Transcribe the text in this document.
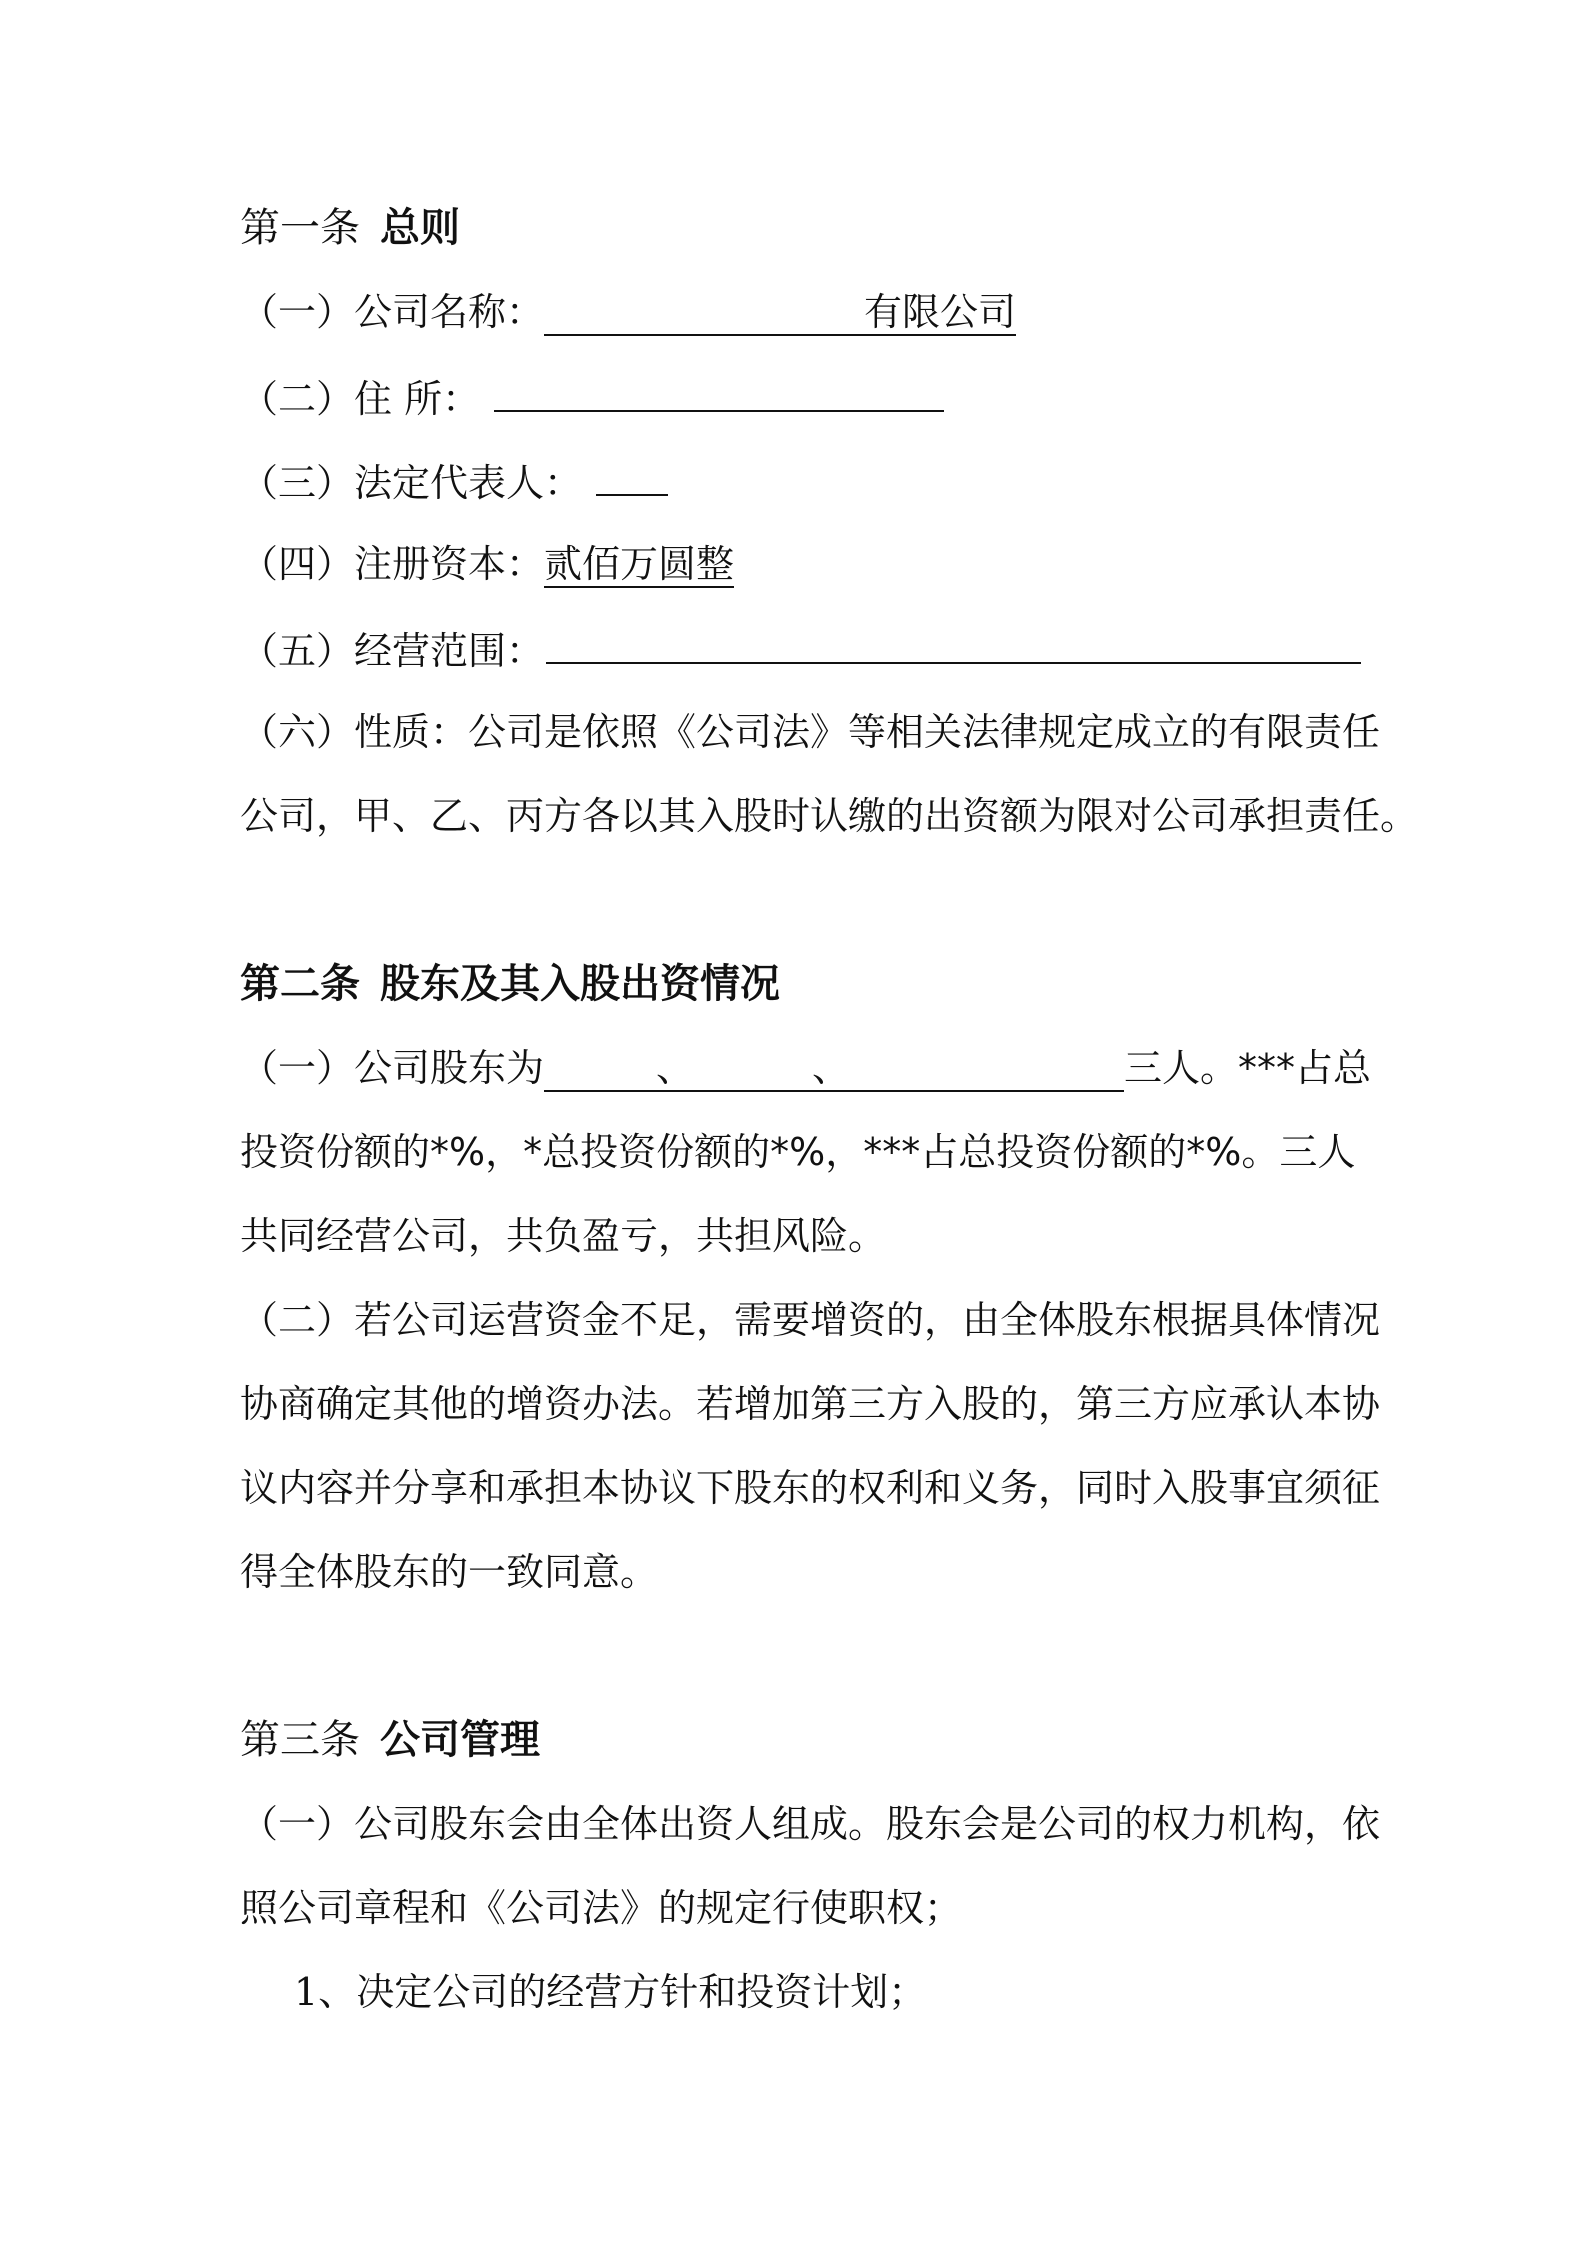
第一条 总则
（一）公司名称：	有限公司
（二）住 所：
（三）法定代表人：
（四）注册资本：贰佰万圆整
（五）经营范围：
（六）性质：公司是依照《公司法》等相关法律规定成立的有限责任
公司，甲、乙、丙方各以其入股时认缴的出资额为限对公司承担责任。
第二条 股东及其入股出资情况
（一）公司股东为	、	、	三人。***占总
投资份额的*%，*总投资份额的*%，***占总投资份额的*%。三人
共同经营公司，共负盈亏，共担风险。
（二）若公司运营资金不足，需要增资的，由全体股东根据具体情况
协商确定其他的增资办法。若增加第三方入股的，第三方应承认本协
议内容并分享和承担本协议下股东的权利和义务，同时入股事宜须征
得全体股东的一致同意。
第三条 公司管理
（一）公司股东会由全体出资人组成。股东会是公司的权力机构，依
照公司章程和《公司法》的规定行使职权；
1、决定公司的经营方针和投资计划；
